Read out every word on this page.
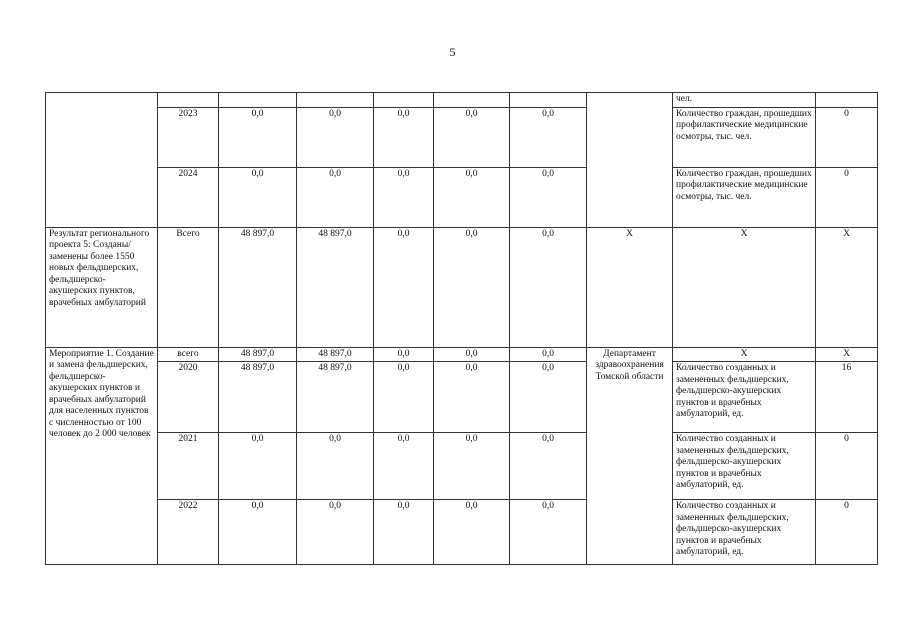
5
								чел.	
	2023	0,0	0,0	0,0	0,0	0,0		Количество граждан, прошедших профилактические медицинские осмотры, тыс. чел.	0
	2024	0,0	0,0	0,0	0,0	0,0		Количество граждан, прошедших профилактические медицинские осмотры, тыс. чел.	0
Результат регионального проекта 5: Созданы/заменены более 1550 новых фельдшерских, фельдшерско-акушерских пунктов, врачебных амбулаторий	Всего	48 897,0	48 897,0	0,0	0,0	0,0	Х	Х	Х
Мероприятие 1. Создание и замена фельдшерских, фельдшерско-акушерских пунктов и врачебных амбулаторий для населенных пунктов с численностью от 100 человек до 2 000 человек	всего	48 897,0	48 897,0	0,0	0,0	0,0	Департамент здравоохранения Томской области	Х	Х
	2020	48 897,0	48 897,0	0,0	0,0	0,0		Количество созданных и замененных фельдшерских, фельдшерско-акушерских пунктов и врачебных амбулаторий, ед.	16
	2021	0,0	0,0	0,0	0,0	0,0		Количество созданных и замененных фельдшерских, фельдшерско-акушерских пунктов и врачебных амбулаторий, ед.	0
	2022	0,0	0,0	0,0	0,0	0,0		Количество созданных и замененных фельдшерских, фельдшерско-акушерских пунктов и врачебных амбулаторий, ед.	0
